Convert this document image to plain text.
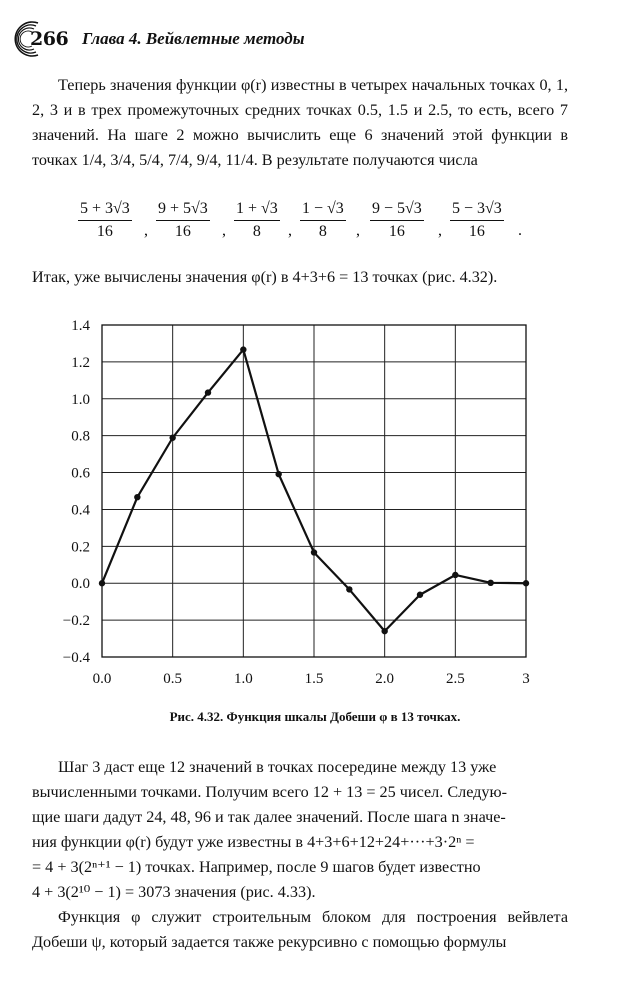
266 Глава 4. Вейвлетные методы

Теперь значения функции φ(r) известны в четырех начальных точках 0, 1, 2, 3 и в трех промежуточных средних точках 0.5, 1.5 и 2.5, то есть, всего 7 значений. На шаге 2 можно вычислить еще 6 значений этой функции в точках 1/4, 3/4, 5/4, 7/4, 9/4, 11/4. В результате получаются числа

$\frac{5 + 3√3}{16}$ , $\frac{9 + 5√3}{16}$ , $\frac{1 + √3}{8}$ , $\frac{1 - √3}{8}$ , $\frac{9 - 5√3}{16}$ , $\frac{5 - 3√3}{16}$ .

Итак, уже вычислены значения φ(r) в 4+3+6 = 13 точках (рис. 4.32).

1.4
1.2
1.0
0.8
0.6
0.4
0.2
0.0
−0.2
−0.4
0.0	0.5	1.0	1.5	2.0	2.5	3
Рис. 4.32. Функция шкалы Добеши φ в 13 точках.
Шаг 3 даст еще 12 значений в точках посередине между 13 уже
вычисленными точками. Получим всего 12 + 13 = 25 чисел. Следую-
щие шаги дадут 24, 48, 96 и так далее значений. После шага n значе-
ния функции φ(r) будут уже известны в 4+3+6+12+24+···+3·2ⁿ =
= 4 + 3(2ⁿ⁺¹ − 1) точках. Например, после 9 шагов будет известно
4 + 3(2¹⁰ − 1) = 3073 значения (рис. 4.33).

Функция φ служит строительным блоком для построения вейвлета Добеши ψ, который задается также рекурсивно с помощью формулы
